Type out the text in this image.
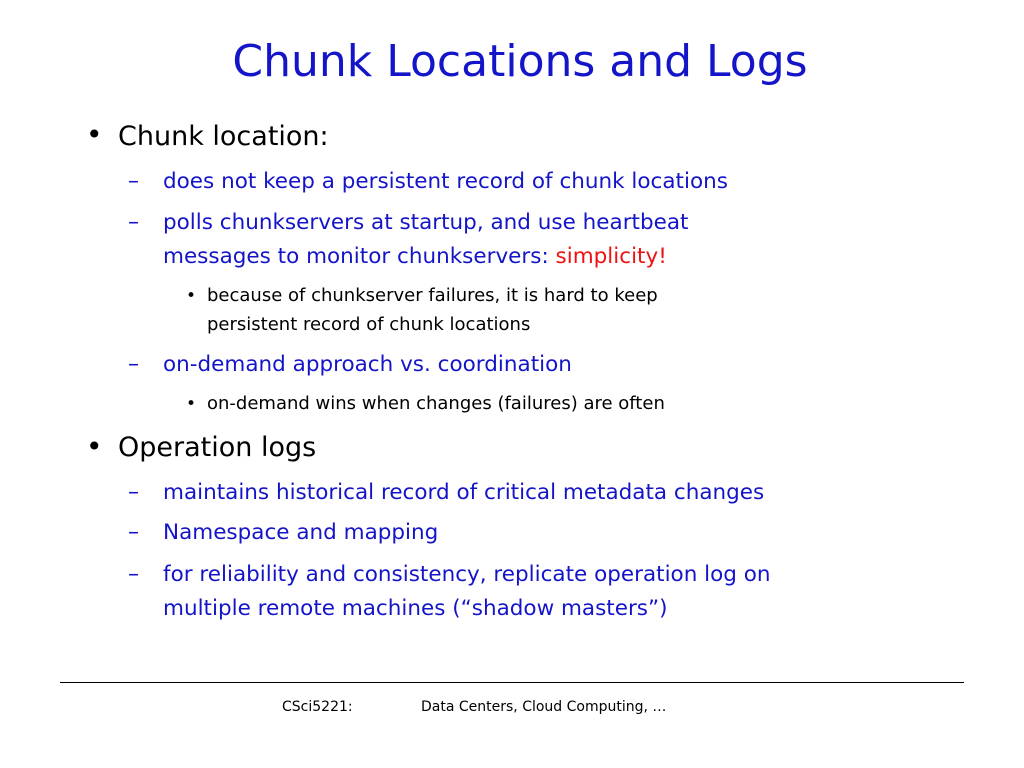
Chunk Locations and Logs
• Chunk location:
– does not keep a persistent record of chunk locations
– polls chunkservers at startup, and use heartbeat
messages to monitor chunkservers: simplicity!
• because of chunkserver failures, it is hard to keep
persistent record of chunk locations
– on-demand approach vs. coordination
• on-demand wins when changes (failures) are often
• Operation logs
– maintains historical record of critical metadata changes
– Namespace and mapping
– for reliability and consistency, replicate operation log on
multiple remote machines (“shadow masters”)
CSci5221:	Data Centers, Cloud Computing, …
